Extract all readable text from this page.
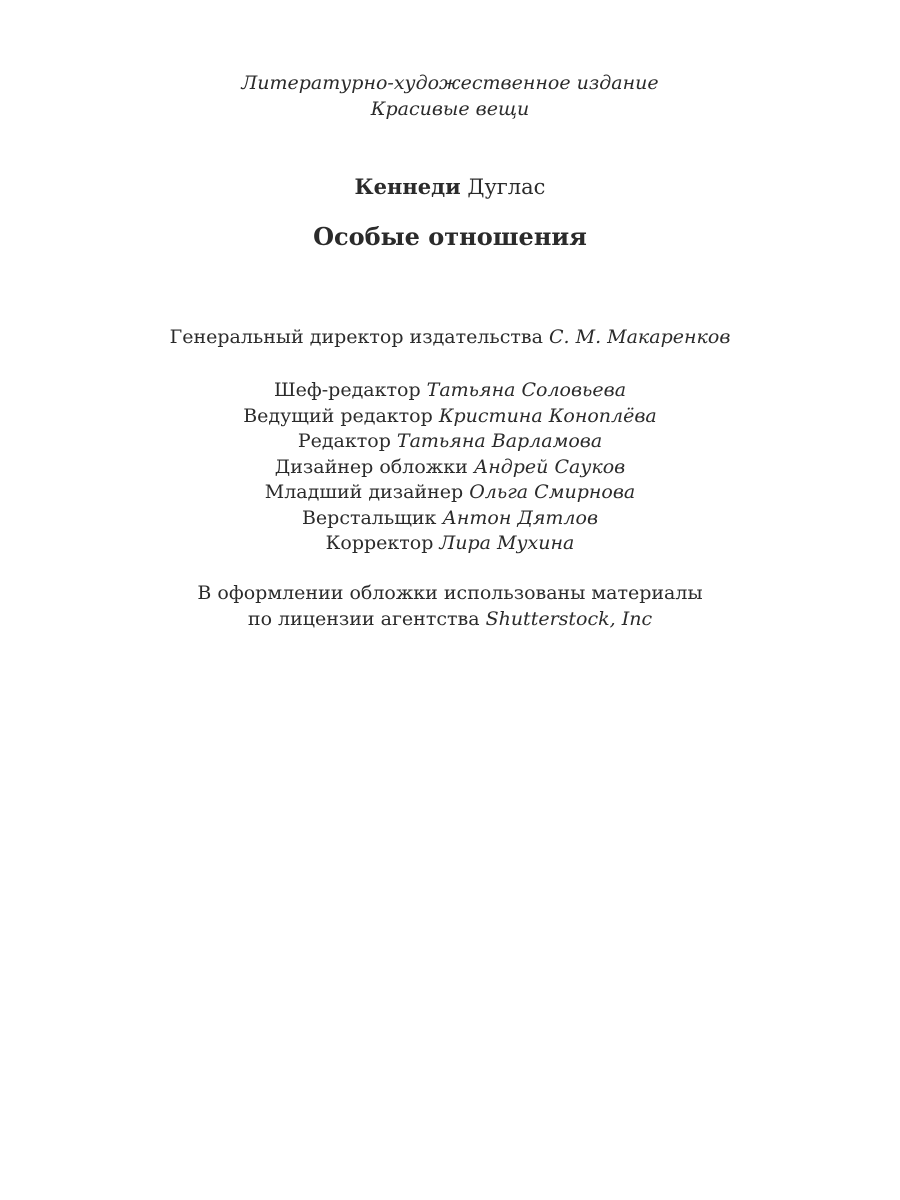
Литературно-художественное издание
Красивые вещи
Кеннеди Дуглас
Особые отношения
Генеральный директор издательства С. М. Макаренков
Шеф-редактор Татьяна Соловьева
Ведущий редактор Кристина Коноплёва
Редактор Татьяна Варламова
Дизайнер обложки Андрей Сауков
Младший дизайнер Ольга Смирнова
Верстальщик Антон Дятлов
Корректор Лира Мухина
В оформлении обложки использованы материалы
по лицензии агентства Shutterstock, Inc
